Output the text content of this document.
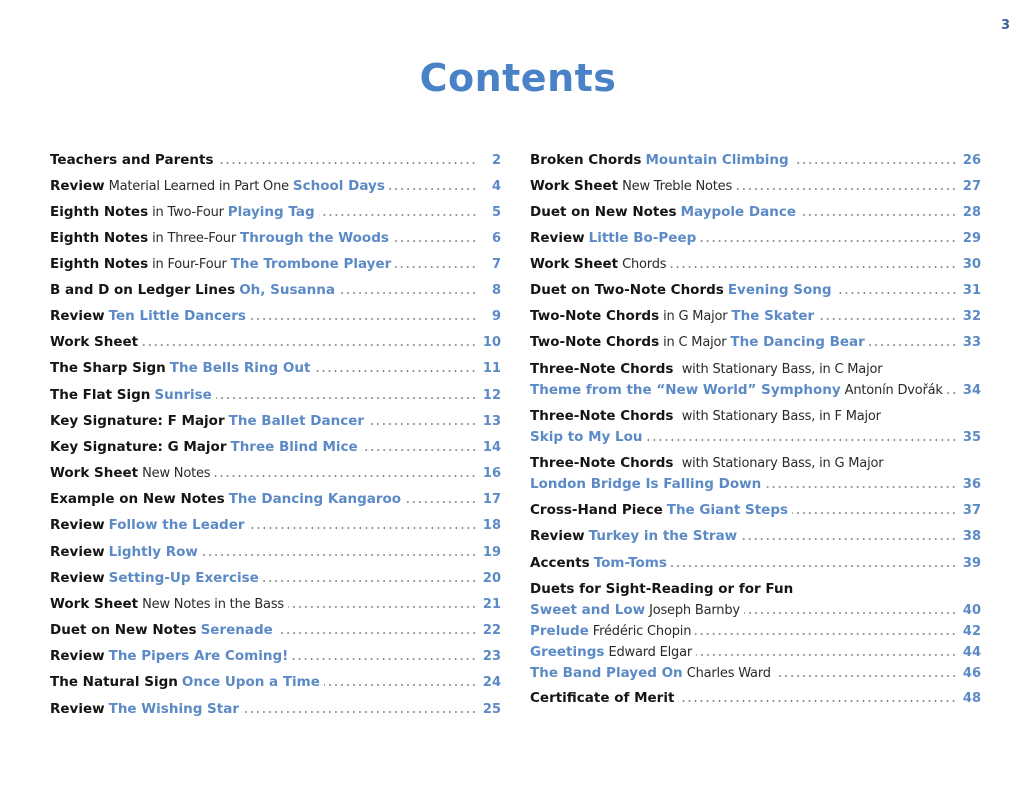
3
Contents
Teachers and Parents	2
Review Material Learned in Part One School Days	4
Eighth Notes in Two-Four Playing Tag	5
Eighth Notes in Three-Four Through the Woods	6
Eighth Notes in Four-Four The Trombone Player	7
B and D on Ledger Lines Oh, Susanna	8
Review Ten Little Dancers	9
Work Sheet	10
The Sharp Sign The Bells Ring Out	11
The Flat Sign Sunrise	12
Key Signature: F Major The Ballet Dancer	13
Key Signature: G Major Three Blind Mice	14
Work Sheet New Notes	16
Example on New Notes The Dancing Kangaroo	17
Review Follow the Leader	18
Review Lightly Row	19
Review Setting-Up Exercise	20
Work Sheet New Notes in the Bass	21
Duet on New Notes Serenade	22
Review The Pipers Are Coming!	23
The Natural Sign Once Upon a Time	24
Review The Wishing Star	25
Broken Chords Mountain Climbing	26
Work Sheet New Treble Notes	27
Duet on New Notes Maypole Dance	28
Review Little Bo-Peep	29
Work Sheet Chords	30
Duet on Two-Note Chords Evening Song	31
Two-Note Chords in G Major The Skater	32
Two-Note Chords in C Major The Dancing Bear	33
Three-Note Chords with Stationary Bass, in C Major
Theme from the “New World” Symphony Antonín Dvořák 34
Three-Note Chords with Stationary Bass, in F Major
Skip to My Lou	35
Three-Note Chords with Stationary Bass, in G Major
London Bridge Is Falling Down	36
Cross-Hand Piece The Giant Steps	37
Review Turkey in the Straw	38
Accents Tom-Toms	39
Duets for Sight-Reading or for Fun
Sweet and Low Joseph Barnby	40
Prelude Frédéric Chopin	42
Greetings Edward Elgar	44
The Band Played On Charles Ward	46
Certificate of Merit	48
